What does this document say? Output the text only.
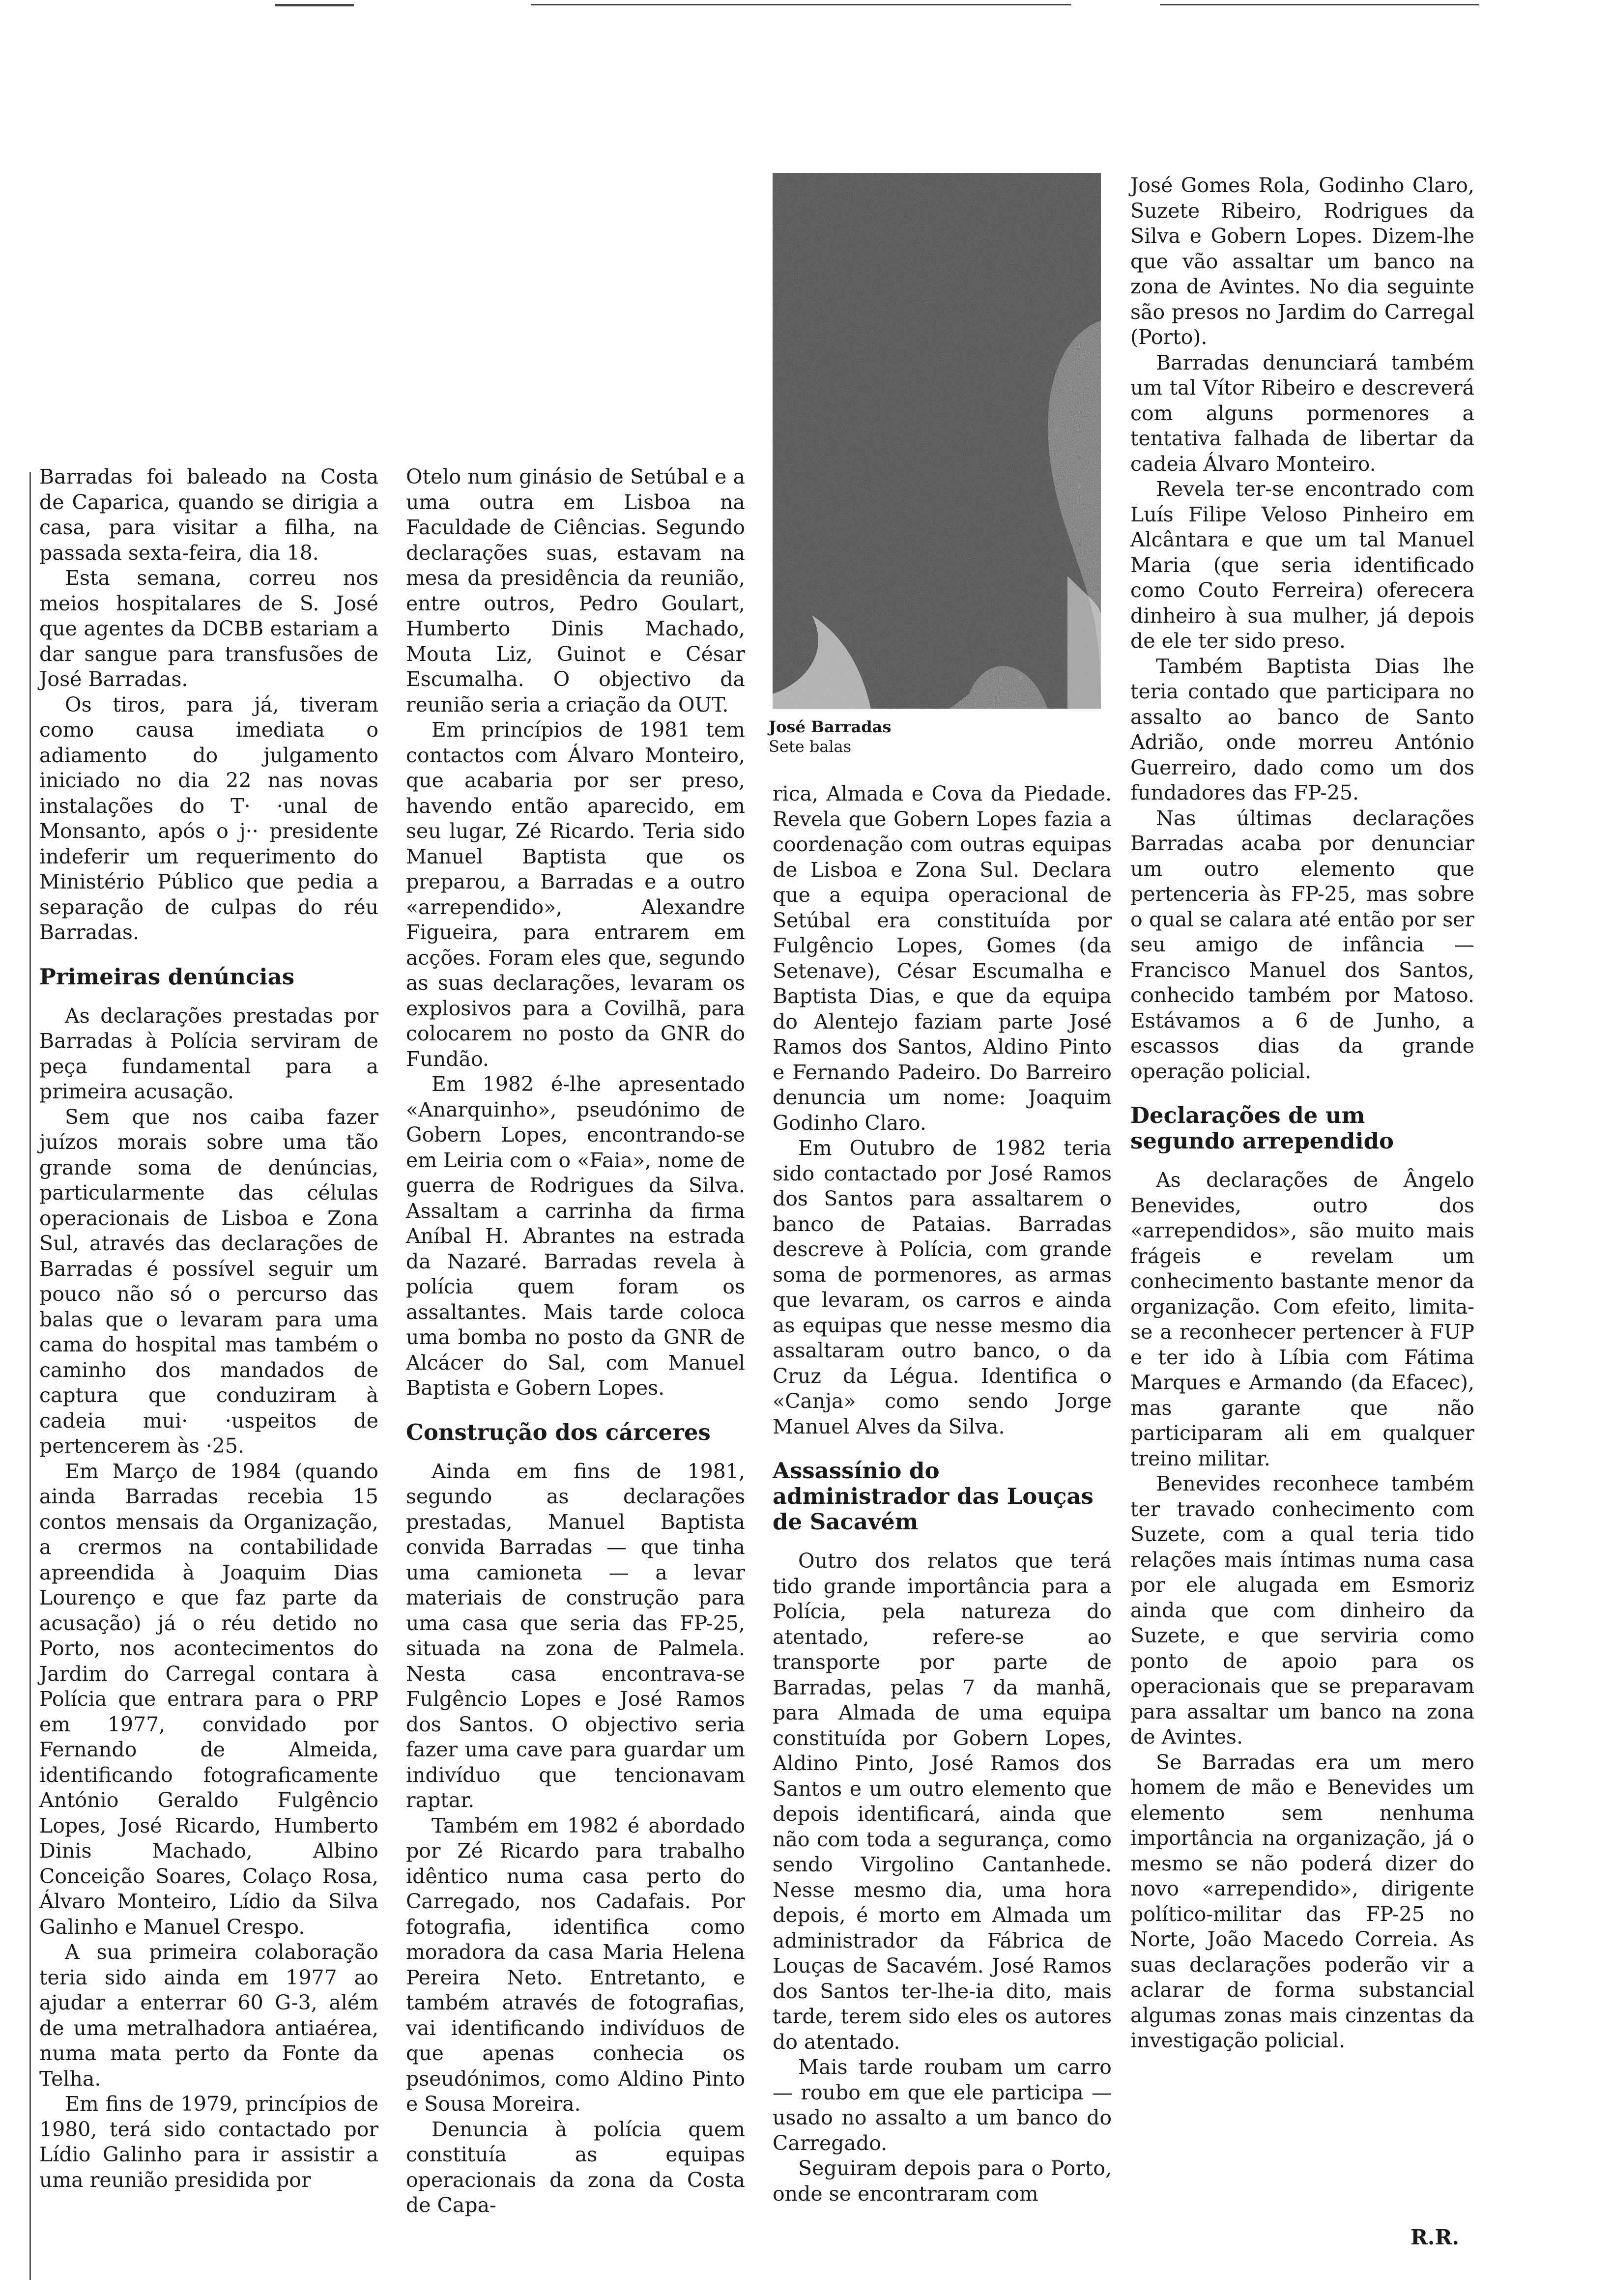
Barradas foi baleado na Costa de Caparica, quando se dirigia a casa, para visitar a filha, na passada sexta-feira, dia 18.

Esta semana, correu nos meios hospitalares de S. José que agentes da DCBB estariam a dar sangue para transfusões de José Barradas.

Os tiros, para já, tiveram como causa imediata o adiamento do julgamento iniciado no dia 22 nas novas instalações do T· ·unal de Monsanto, após o j·· presidente indeferir um requerimento do Ministério Público que pedia a separação de culpas do réu Barradas.

Primeiras denúncias

As declarações prestadas por Barradas à Polícia serviram de peça fundamental para a primeira acusação.

Sem que nos caiba fazer juízos morais sobre uma tão grande soma de denúncias, particularmente das células operacionais de Lisboa e Zona Sul, através das declarações de Barradas é possível seguir um pouco não só o percurso das balas que o levaram para uma cama do hospital mas também o caminho dos mandados de captura que conduziram à cadeia mui· ·uspeitos de pertencerem às ·25.

Em Março de 1984 (quando ainda Barradas recebia 15 contos mensais da Organização, a crermos na contabilidade apreendida à Joaquim Dias Lourenço e que faz parte da acusação) já o réu detido no Porto, nos acontecimentos do Jardim do Carregal contara à Polícia que entrara para o PRP em 1977, convidado por Fernando de Almeida, identificando fotograficamente António Geraldo Fulgêncio Lopes, José Ricardo, Humberto Dinis Machado, Albino Conceição Soares, Colaço Rosa, Álvaro Monteiro, Lídio da Silva Galinho e Manuel Crespo.

A sua primeira colaboração teria sido ainda em 1977 ao ajudar a enterrar 60 G-3, além de uma metralhadora antiaérea, numa mata perto da Fonte da Telha.

Em fins de 1979, princípios de 1980, terá sido contactado por Lídio Galinho para ir assistir a uma reunião presidida por

Otelo num ginásio de Setúbal e a uma outra em Lisboa na Faculdade de Ciências. Segundo declarações suas, estavam na mesa da presidência da reunião, entre outros, Pedro Goulart, Humberto Dinis Machado, Mouta Liz, Guinot e César Escumalha. O objectivo da reunião seria a criação da OUT.

Em princípios de 1981 tem contactos com Álvaro Monteiro, que acabaria por ser preso, havendo então aparecido, em seu lugar, Zé Ricardo. Teria sido Manuel Baptista que os preparou, a Barradas e a outro «arrependido», Alexandre Figueira, para entrarem em acções. Foram eles que, segundo as suas declarações, levaram os explosivos para a Covilhã, para colocarem no posto da GNR do Fundão.

Em 1982 é-lhe apresentado «Anarquinho», pseudónimo de Gobern Lopes, encontrando-se em Leiria com o «Faia», nome de guerra de Rodrigues da Silva. Assaltam a carrinha da firma Aníbal H. Abrantes na estrada da Nazaré. Barradas revela à polícia quem foram os assaltantes. Mais tarde coloca uma bomba no posto da GNR de Alcácer do Sal, com Manuel Baptista e Gobern Lopes.

Construção dos cárceres

Ainda em fins de 1981, segundo as declarações prestadas, Manuel Baptista convida Barradas — que tinha uma camioneta — a levar materiais de construção para uma casa que seria das FP-25, situada na zona de Palmela. Nesta casa encontrava-se Fulgêncio Lopes e José Ramos dos Santos. O objectivo seria fazer uma cave para guardar um indivíduo que tencionavam raptar.

Também em 1982 é abordado por Zé Ricardo para trabalho idêntico numa casa perto do Carregado, nos Cadafais. Por fotografia, identifica como moradora da casa Maria Helena Pereira Neto. Entretanto, e também através de fotografias, vai identificando indivíduos de que apenas conhecia os pseudónimos, como Aldino Pinto e Sousa Moreira.

Denuncia à polícia quem constituía as equipas operacionais da zona da Costa de Capa-

José Barradas
Sete balas

rica, Almada e Cova da Piedade. Revela que Gobern Lopes fazia a coordenação com outras equipas de Lisboa e Zona Sul. Declara que a equipa operacional de Setúbal era constituída por Fulgêncio Lopes, Gomes (da Setenave), César Escumalha e Baptista Dias, e que da equipa do Alentejo faziam parte José Ramos dos Santos, Aldino Pinto e Fernando Padeiro. Do Barreiro denuncia um nome: Joaquim Godinho Claro.

Em Outubro de 1982 teria sido contactado por José Ramos dos Santos para assaltarem o banco de Pataias. Barradas descreve à Polícia, com grande soma de pormenores, as armas que levaram, os carros e ainda as equipas que nesse mesmo dia assaltaram outro banco, o da Cruz da Légua. Identifica o «Canja» como sendo Jorge Manuel Alves da Silva.

Assassínio do administrador das Louças de Sacavém

Outro dos relatos que terá tido grande importância para a Polícia, pela natureza do atentado, refere-se ao transporte por parte de Barradas, pelas 7 da manhã, para Almada de uma equipa constituída por Gobern Lopes, Aldino Pinto, José Ramos dos Santos e um outro elemento que depois identificará, ainda que não com toda a segurança, como sendo Virgolino Cantanhede. Nesse mesmo dia, uma hora depois, é morto em Almada um administrador da Fábrica de Louças de Sacavém. José Ramos dos Santos ter-lhe-ia dito, mais tarde, terem sido eles os autores do atentado.

Mais tarde roubam um carro — roubo em que ele participa — usado no assalto a um banco do Carregado.

Seguiram depois para o Porto, onde se encontraram com

José Gomes Rola, Godinho Claro, Suzete Ribeiro, Rodrigues da Silva e Gobern Lopes. Dizem-lhe que vão assaltar um banco na zona de Avintes. No dia seguinte são presos no Jardim do Carregal (Porto).

Barradas denunciará também um tal Vítor Ribeiro e descreverá com alguns pormenores a tentativa falhada de libertar da cadeia Álvaro Monteiro.

Revela ter-se encontrado com Luís Filipe Veloso Pinheiro em Alcântara e que um tal Manuel Maria (que seria identificado como Couto Ferreira) oferecera dinheiro à sua mulher, já depois de ele ter sido preso.

Também Baptista Dias lhe teria contado que participara no assalto ao banco de Santo Adrião, onde morreu António Guerreiro, dado como um dos fundadores das FP-25.

Nas últimas declarações Barradas acaba por denunciar um outro elemento que pertenceria às FP-25, mas sobre o qual se calara até então por ser seu amigo de infância — Francisco Manuel dos Santos, conhecido também por Matoso. Estávamos a 6 de Junho, a escassos dias da grande operação policial.

Declarações de um segundo arrependido

As declarações de Ângelo Benevides, outro dos «arrependidos», são muito mais frágeis e revelam um conhecimento bastante menor da organização. Com efeito, limita-se a reconhecer pertencer à FUP e ter ido à Líbia com Fátima Marques e Armando (da Efacec), mas garante que não participaram ali em qualquer treino militar.

Benevides reconhece também ter travado conhecimento com Suzete, com a qual teria tido relações mais íntimas numa casa por ele alugada em Esmoriz ainda que com dinheiro da Suzete, e que serviria como ponto de apoio para os operacionais que se preparavam para assaltar um banco na zona de Avintes.

Se Barradas era um mero homem de mão e Benevides um elemento sem nenhuma importância na organização, já o mesmo se não poderá dizer do novo «arrependido», dirigente político-militar das FP-25 no Norte, João Macedo Correia. As suas declarações poderão vir a aclarar de forma substancial algumas zonas mais cinzentas da investigação policial.

R.R.
